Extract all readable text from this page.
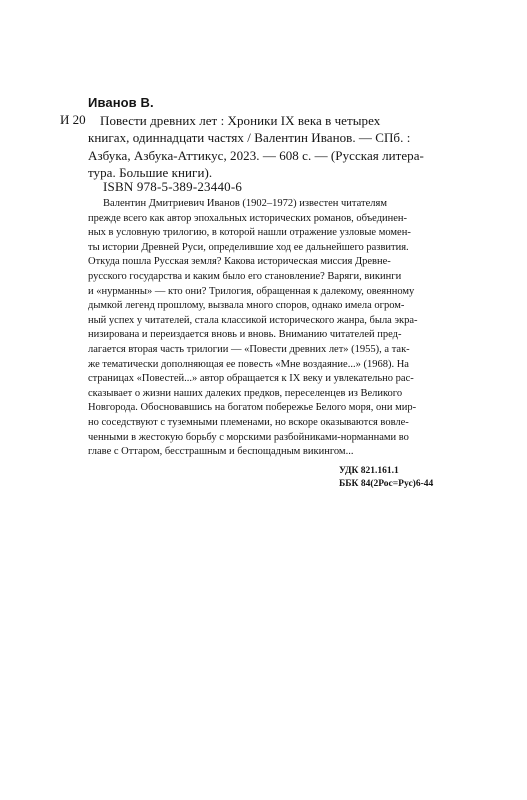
Иванов В.
И 20	Повести древних лет : Хроники IX века в четырех
книгах, одиннадцати частях / Валентин Иванов. — СПб. :
Азбука, Азбука-Аттикус, 2023. — 608 с. — (Русская литера-
тура. Большие книги).
ISBN 978-5-389-23440-6
Валентин Дмитриевич Иванов (1902–1972) известен читателям
прежде всего как автор эпохальных исторических романов, объединен-
ных в условную трилогию, в которой нашли отражение узловые момен-
ты истории Древней Руси, определившие ход ее дальнейшего развития.
Откуда пошла Русская земля? Какова историческая миссия Древне-
русского государства и каким было его становление? Варяги, викинги
и «нурманны» — кто они? Трилогия, обращенная к далекому, овеянному
дымкой легенд прошлому, вызвала много споров, однако имела огром-
ный успех у читателей, стала классикой исторического жанра, была экра-
низирована и переиздается вновь и вновь. Вниманию читателей пред-
лагается вторая часть трилогии — «Повести древних лет» (1955), а так-
же тематически дополняющая ее повесть «Мне воздаяние...» (1968). На
страницах «Повестей...» автор обращается к IX веку и увлекательно рас-
сказывает о жизни наших далеких предков, переселенцев из Великого
Новгорода. Обосновавшись на богатом побережье Белого моря, они мир-
но соседствуют с туземными племенами, но вскоре оказываются вовле-
ченными в жестокую борьбу с морскими разбойниками-норманнами во
главе с Оттаром, бесстрашным и беспощадным викингом...
УДК 821.161.1
ББК 84(2Рос=Рус)6-44
